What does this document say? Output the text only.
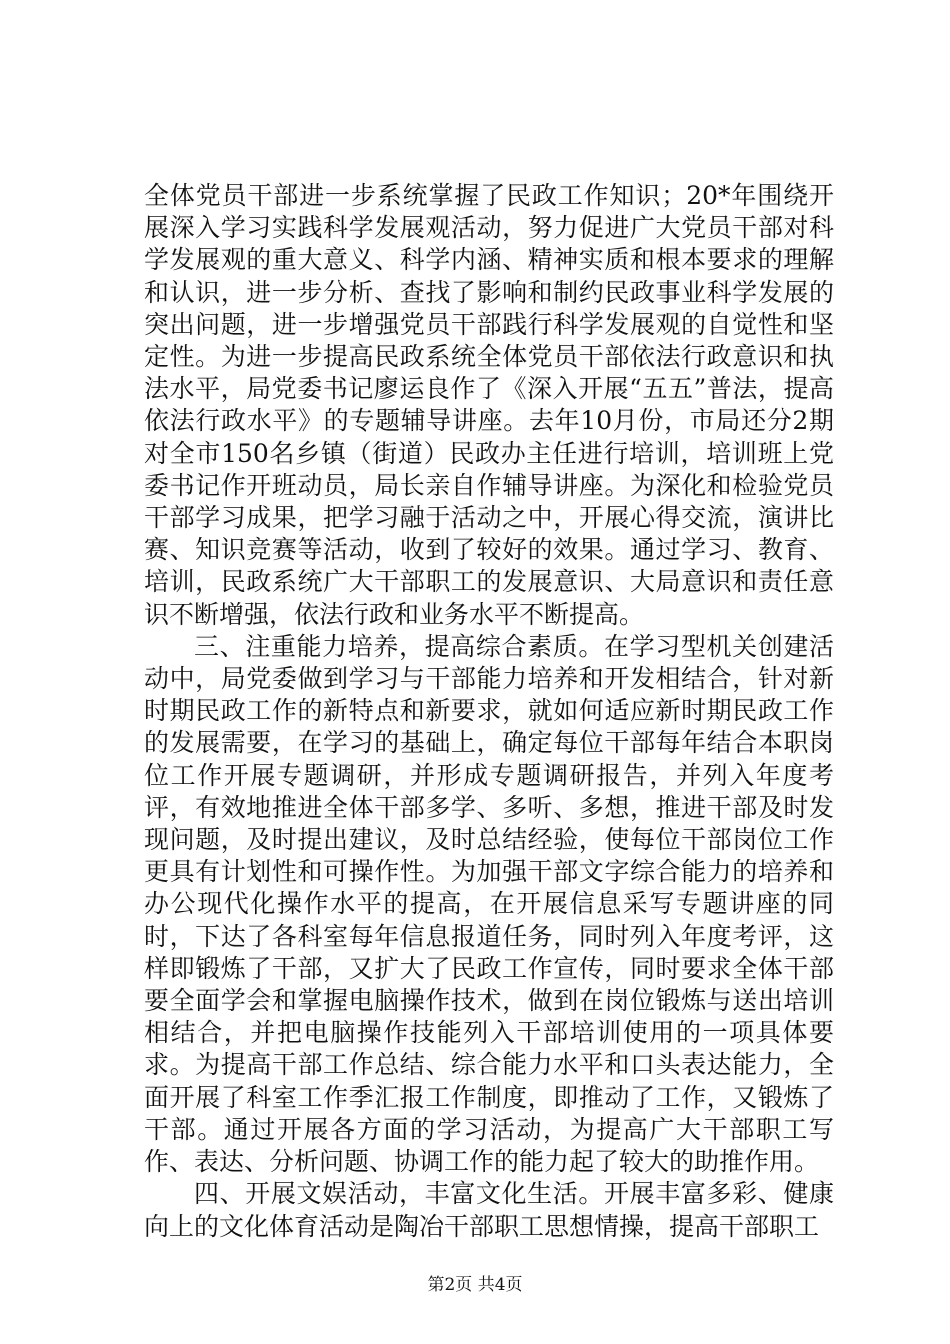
全体党员干部进一步系统掌握了民政工作知识；20*年围绕开展深入学习实践科学发展观活动，努力促进广大党员干部对科学发展观的重大意义、科学内涵、精神实质和根本要求的理解和认识，进一步分析、查找了影响和制约民政事业科学发展的突出问题，进一步增强党员干部践行科学发展观的自觉性和坚定性。为进一步提高民政系统全体党员干部依法行政意识和执法水平，局党委书记廖运良作了《深入开展“五五”普法，提高依法行政水平》的专题辅导讲座。去年10月份，市局还分2期对全市150名乡镇（街道）民政办主任进行培训，培训班上党委书记作开班动员，局长亲自作辅导讲座。为深化和检验党员干部学习成果，把学习融于活动之中，开展心得交流，演讲比赛、知识竞赛等活动，收到了较好的效果。通过学习、教育、培训，民政系统广大干部职工的发展意识、大局意识和责任意识不断增强，依法行政和业务水平不断提高。

三、注重能力培养，提高综合素质。在学习型机关创建活动中，局党委做到学习与干部能力培养和开发相结合，针对新时期民政工作的新特点和新要求，就如何适应新时期民政工作的发展需要，在学习的基础上，确定每位干部每年结合本职岗位工作开展专题调研，并形成专题调研报告，并列入年度考评，有效地推进全体干部多学、多听、多想，推进干部及时发现问题，及时提出建议，及时总结经验，使每位干部岗位工作更具有计划性和可操作性。为加强干部文字综合能力的培养和办公现代化操作水平的提高，在开展信息采写专题讲座的同时，下达了各科室每年信息报道任务，同时列入年度考评，这样即锻炼了干部，又扩大了民政工作宣传，同时要求全体干部要全面学会和掌握电脑操作技术，做到在岗位锻炼与送出培训相结合，并把电脑操作技能列入干部培训使用的一项具体要求。为提高干部工作总结、综合能力水平和口头表达能力，全面开展了科室工作季汇报工作制度，即推动了工作，又锻炼了干部。通过开展各方面的学习活动，为提高广大干部职工写作、表达、分析问题、协调工作的能力起了较大的助推作用。

四、开展文娱活动，丰富文化生活。开展丰富多彩、健康向上的文化体育活动是陶冶干部职工思想情操，提高干部职工

第2页 共4页
